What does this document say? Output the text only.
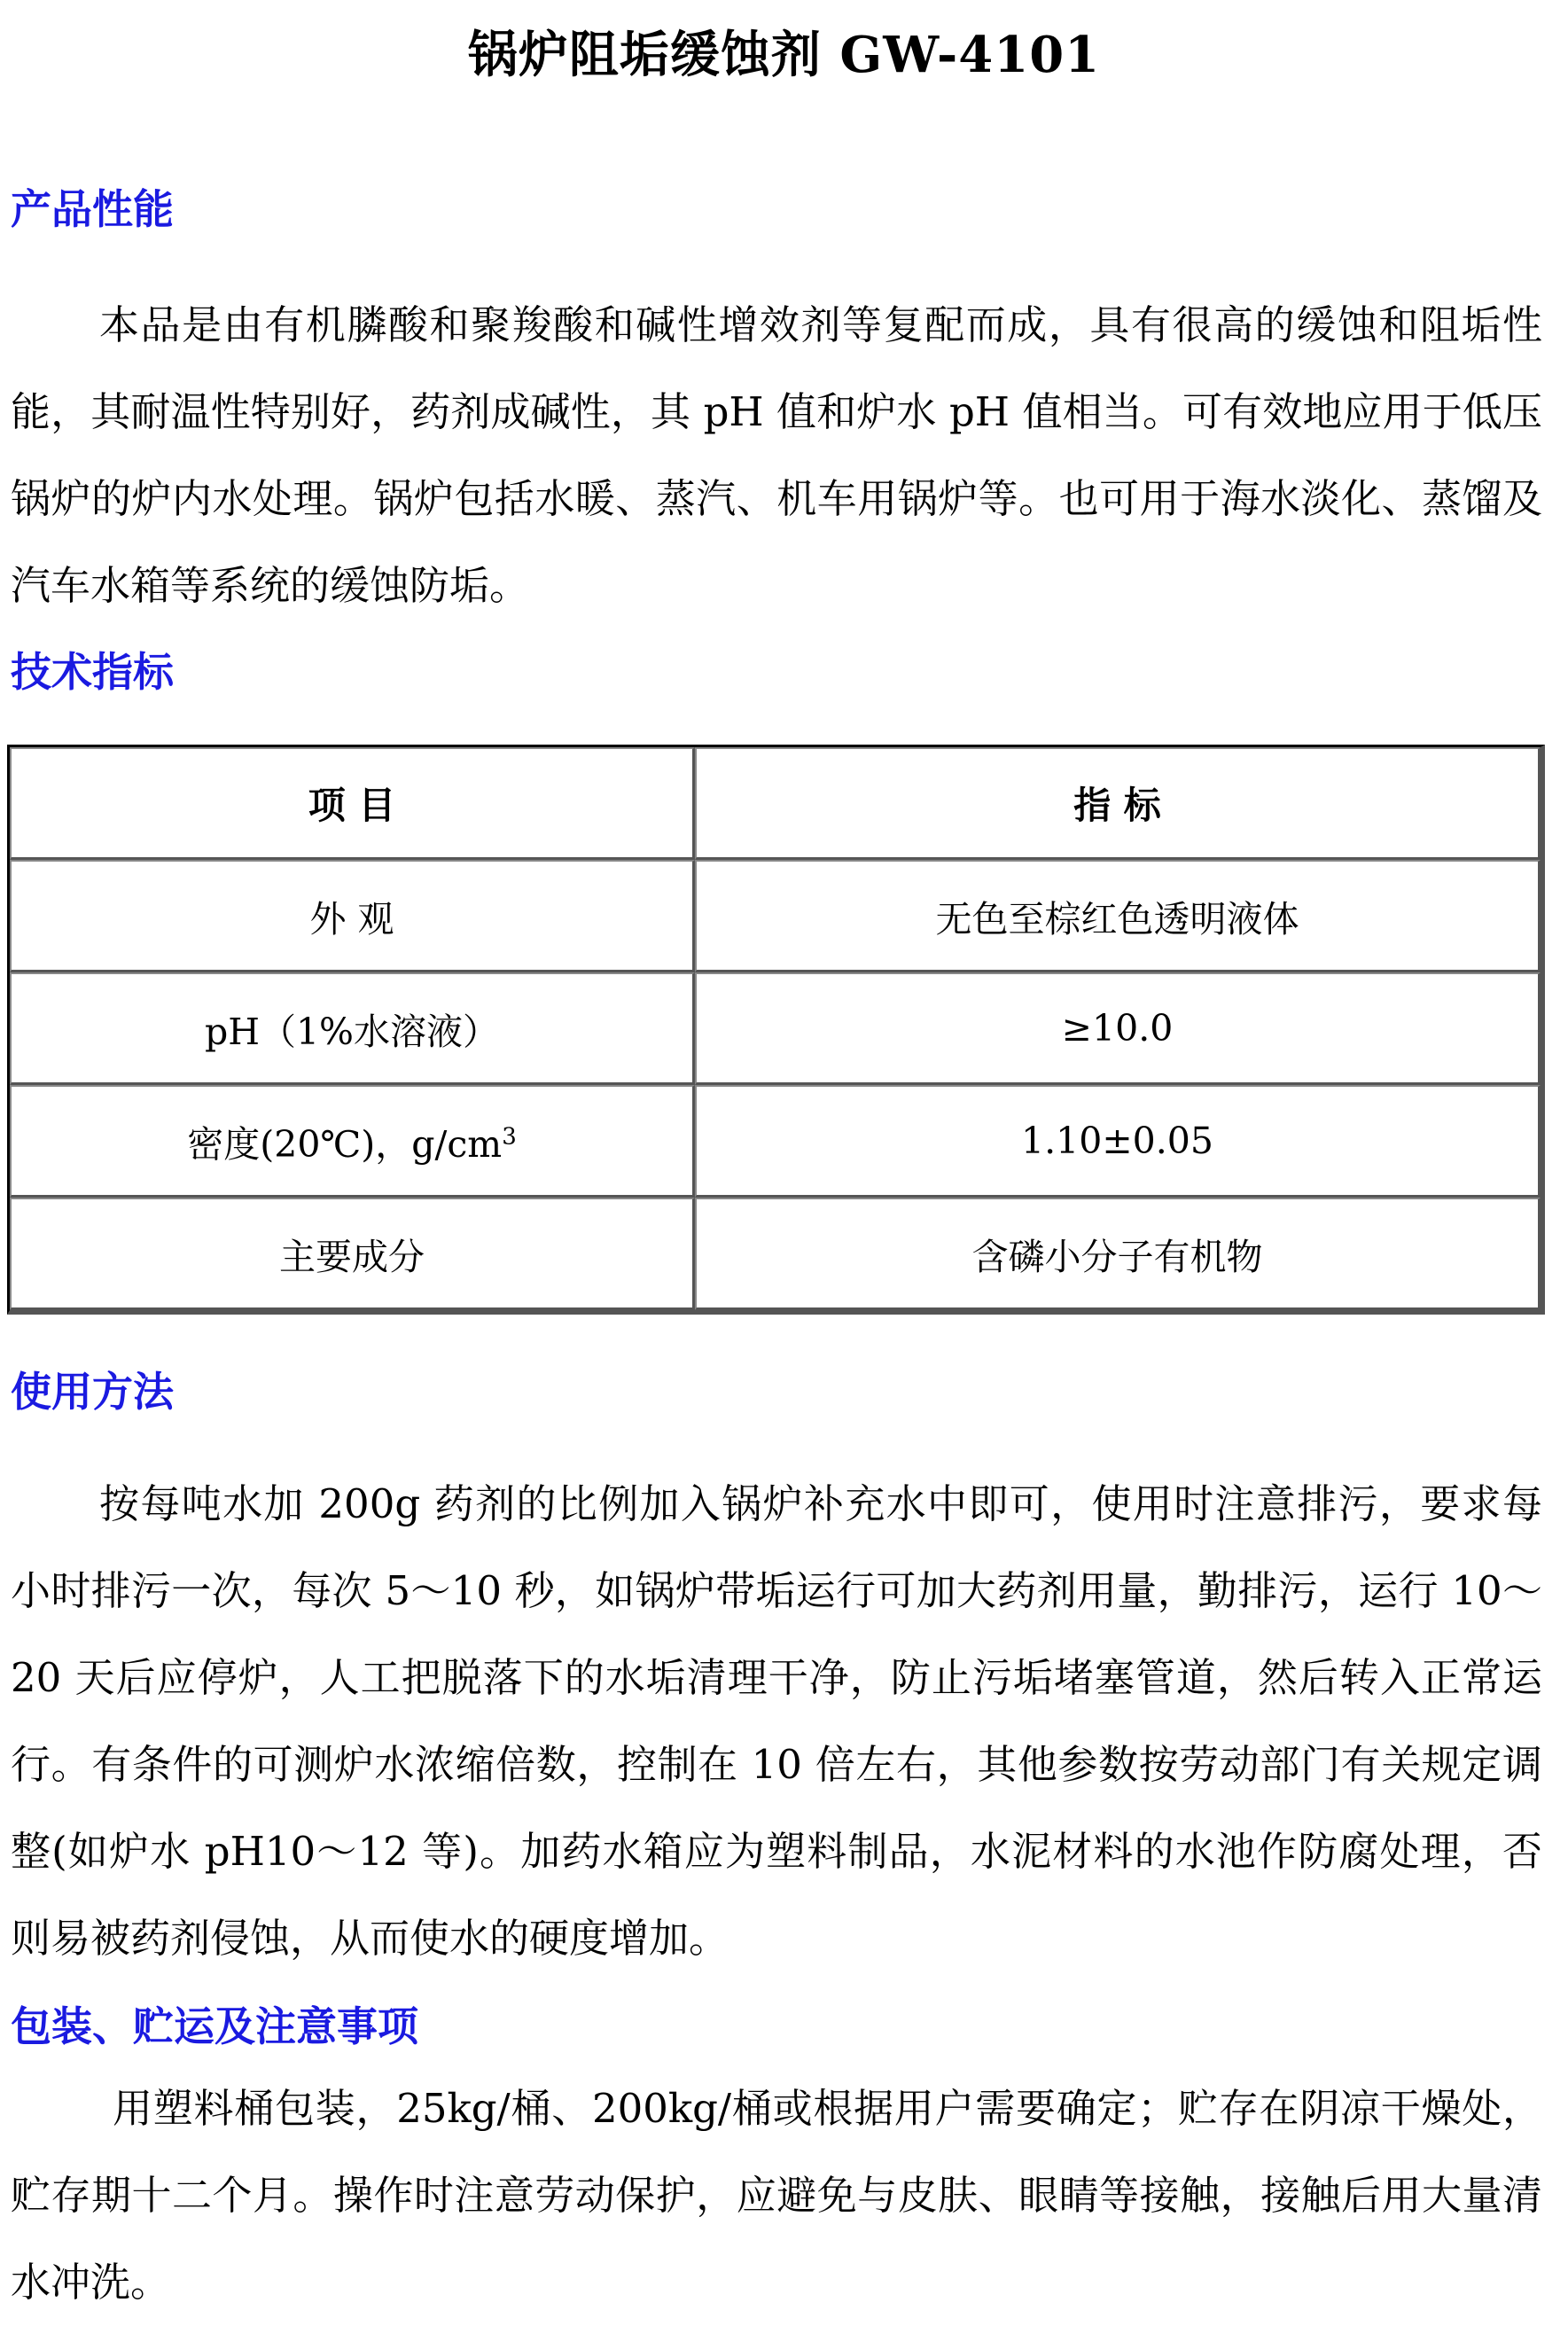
锅炉阻垢缓蚀剂 GW-4101
产品性能

本品是由有机膦酸和聚羧酸和碱性增效剂等复配而成，具有很高的缓蚀和阻垢性能，其耐温性特别好，药剂成碱性，其 pH 值和炉水 pH 值相当。可有效地应用于低压锅炉的炉内水处理。锅炉包括水暖、蒸汽、机车用锅炉等。也可用于海水淡化、蒸馏及汽车水箱等系统的缓蚀防垢。

技术指标
项 目	指 标
外 观	无色至棕红色透明液体
pH（1%水溶液）	≥10.0
密度(20℃)，$g/cm^3$	1.10±0.05
主要成分	含磷小分子有机物
使用方法

按每吨水加 200g 药剂的比例加入锅炉补充水中即可，使用时注意排污，要求每小时排污一次，每次 5～10 秒，如锅炉带垢运行可加大药剂用量，勤排污，运行 10～20 天后应停炉，人工把脱落下的水垢清理干净，防止污垢堵塞管道，然后转入正常运行。有条件的可测炉水浓缩倍数，控制在 10 倍左右，其他参数按劳动部门有关规定调整(如炉水 pH10～12 等)。加药水箱应为塑料制品，水泥材料的水池作防腐处理，否则易被药剂侵蚀，从而使水的硬度增加。

包装、贮运及注意事项

用塑料桶包装，25kg/桶、200kg/桶或根据用户需要确定；贮存在阴凉干燥处，贮存期十二个月。操作时注意劳动保护，应避免与皮肤、眼睛等接触，接触后用大量清水冲洗。
